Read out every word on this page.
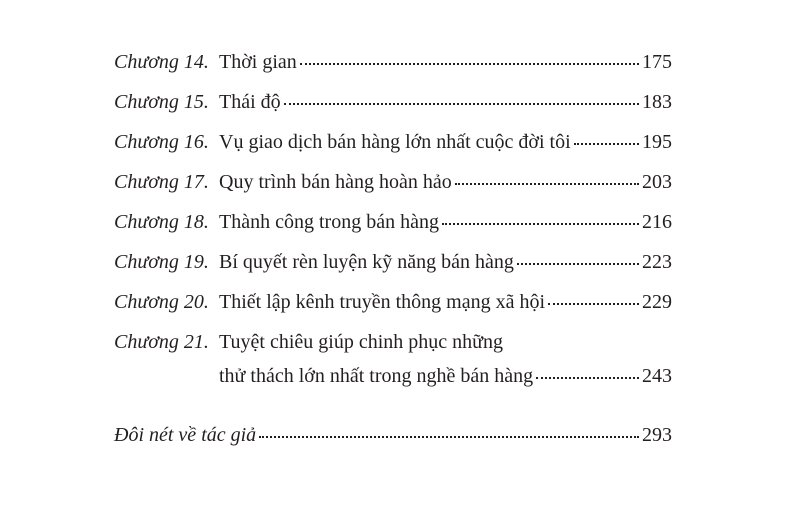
Chương 14. Thời gian	175
Chương 15. Thái độ	183
Chương 16. Vụ giao dịch bán hàng lớn nhất cuộc đời tôi	195
Chương 17. Quy trình bán hàng hoàn hảo	203
Chương 18. Thành công trong bán hàng	216
Chương 19. Bí quyết rèn luyện kỹ năng bán hàng	223
Chương 20. Thiết lập kênh truyền thông mạng xã hội	229
Chương 21. Tuyệt chiêu giúp chinh phục những
thử thách lớn nhất trong nghề bán hàng	243
Đôi nét về tác giả	293
